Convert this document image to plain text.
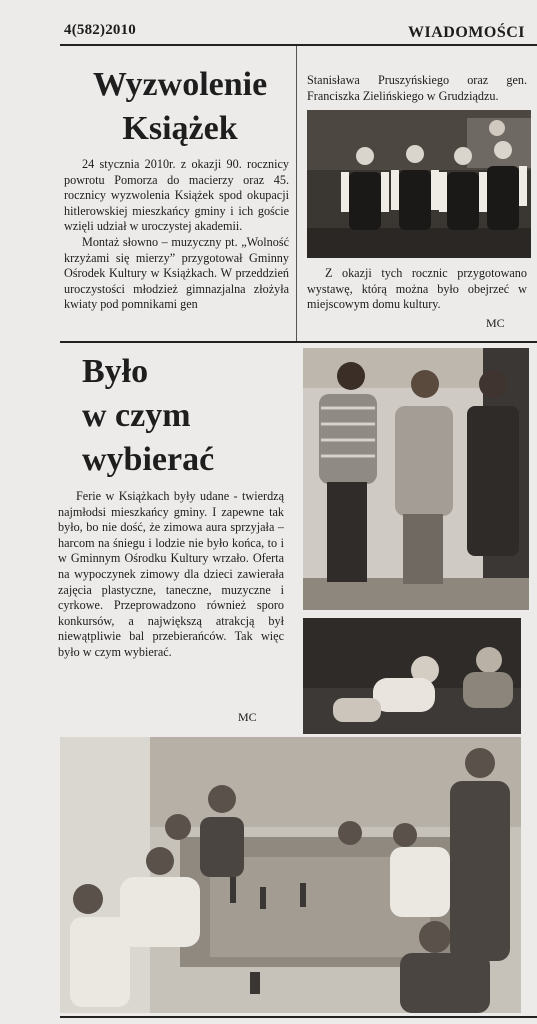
4(582)2010	WIADOMOŚCI
Wyzwolenie
Książek

24 stycznia 2010r. z okazji 90. rocznicy powrotu Pomorza do macierzy oraz 45. rocznicy wyzwolenia Książek spod okupacji hitlerowskiej mieszkańcy gminy i ich goście wzięli udział w uroczystej akademii.

Montaż słowno – muzyczny pt. „Wolność krzyżami się mierzy” przygotował Gminny Ośrodek Kultury w Książkach. W przeddzień uroczystości młodzież gimnazjalna złożyła kwiaty pod pomnikami gen

Stanisława Pruszyńskiego oraz gen. Franciszka Zielińskiego w Grudziądzu.

Z okazji tych rocznic przygotowano wystawę, którą można było obejrzeć w miejscowym domu kultury.
MC
Było
w czym
wybierać

Ferie w Książkach były udane - twierdzą najmłodsi mieszkańcy gminy. I zapewne tak było, bo nie dość, że zimowa aura sprzyjała – harcom na śniegu i lodzie nie było końca, to i w Gminnym Ośrodku Kultury wrzało. Oferta na wypoczynek zimowy dla dzieci zawierała zajęcia plastyczne, taneczne, muzyczne i cyrkowe. Przeprowadzono również sporo konkursów, a największą atrakcją był niewątpliwie bal przebierańców. Tak więc było w czym wybierać.

MC
